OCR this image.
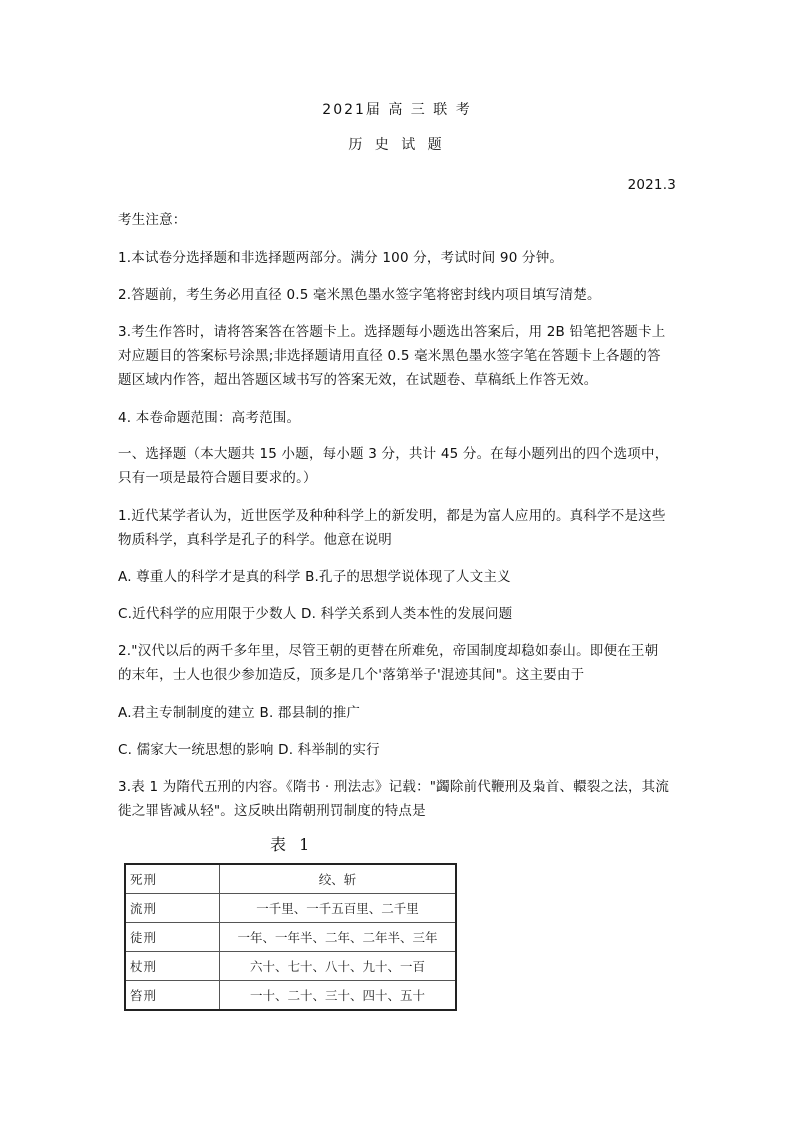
2021届 高 三 联 考
历 史 试 题
2021.3
考生注意：
1.本试卷分选择题和非选择题两部分。满分 100 分，考试时间 90 分钟。
2.答题前，考生务必用直径 0.5 毫米黑色墨水签字笔将密封线内项目填写清楚。
3.考生作答时，请将答案答在答题卡上。选择题每小题选出答案后，用 2B 铅笔把答题卡上
对应题目的答案标号涂黑;非选择题请用直径 0.5 毫米黑色墨水签字笔在答题卡上各题的答
题区域内作答，超出答题区域书写的答案无效，在试题卷、草稿纸上作答无效。
4. 本卷命题范围：高考范围。
一、选择题（本大题共 15 小题，每小题 3 分，共计 45 分。在每小题列出的四个选项中，
只有一项是最符合题目要求的。）
1.近代某学者认为，近世医学及种种科学上的新发明，都是为富人应用的。真科学不是这些
物质科学，真科学是孔子的科学。他意在说明
A. 尊重人的科学才是真的科学 B.孔子的思想学说体现了人文主义
C.近代科学的应用限于少数人 D. 科学关系到人类本性的发展问题
2."汉代以后的两千多年里，尽管王朝的更替在所难免，帝国制度却稳如泰山。即便在王朝
的末年，士人也很少参加造反，顶多是几个'落第举子'混迹其间"。这主要由于
A.君主专制制度的建立 B. 郡县制的推广
C. 儒家大一统思想的影响 D. 科举制的实行
3.表 1 为隋代五刑的内容。《隋书 · 刑法志》记载："蠲除前代鞭刑及枭首、轘裂之法，其流
徙之罪皆减从轻"。这反映出隋朝刑罚制度的特点是
表 1
死刑	绞、斩
流刑	一千里、一千五百里、二千里
徒刑	一年、一年半、二年、二年半、三年
杖刑	六十、七十、八十、九十、一百
笞刑	一十、二十、三十、四十、五十
